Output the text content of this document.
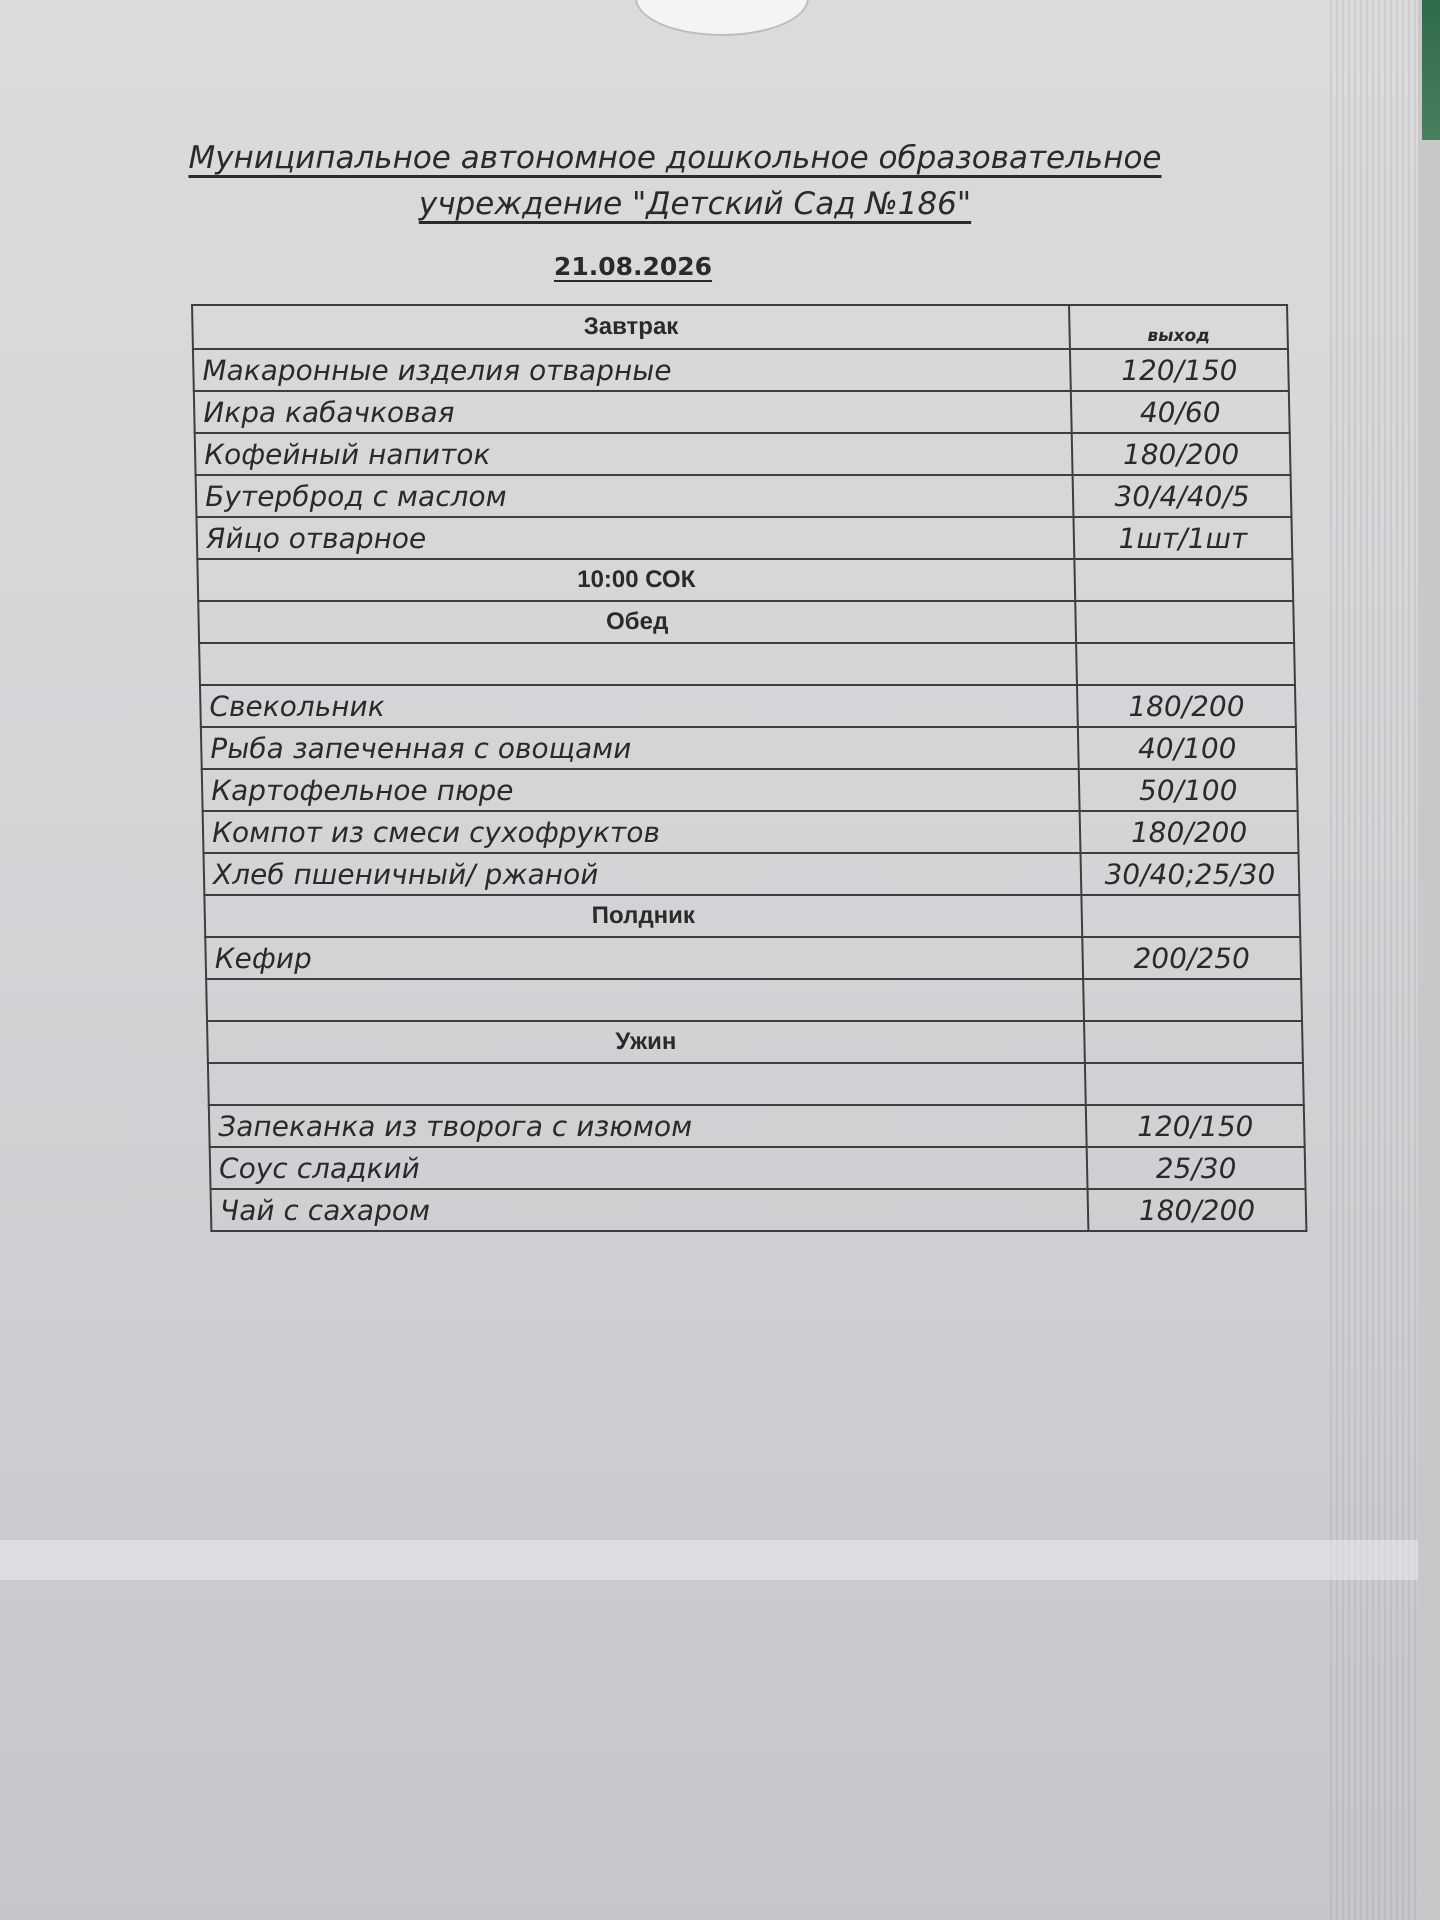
Муниципальное автономное дошкольное образовательное
учреждение "Детский Сад №186"
21.08.2026
Завтрак	выход
Макаронные изделия отварные	120/150
Икра кабачковая	40/60
Кофейный напиток	180/200
Бутерброд с маслом	30/4/40/5
Яйцо отварное	1шт/1шт
10:00 СОК	
Обед	

Свекольник	180/200
Рыба запеченная с овощами	40/100
Картофельное пюре	50/100
Компот из смеси сухофруктов	180/200
Хлеб пшеничный/ ржаной	30/40;25/30
Полдник	
Кефир	200/250

Ужин	

Запеканка из творога с изюмом	120/150
Соус сладкий	25/30
Чай с сахаром	180/200
